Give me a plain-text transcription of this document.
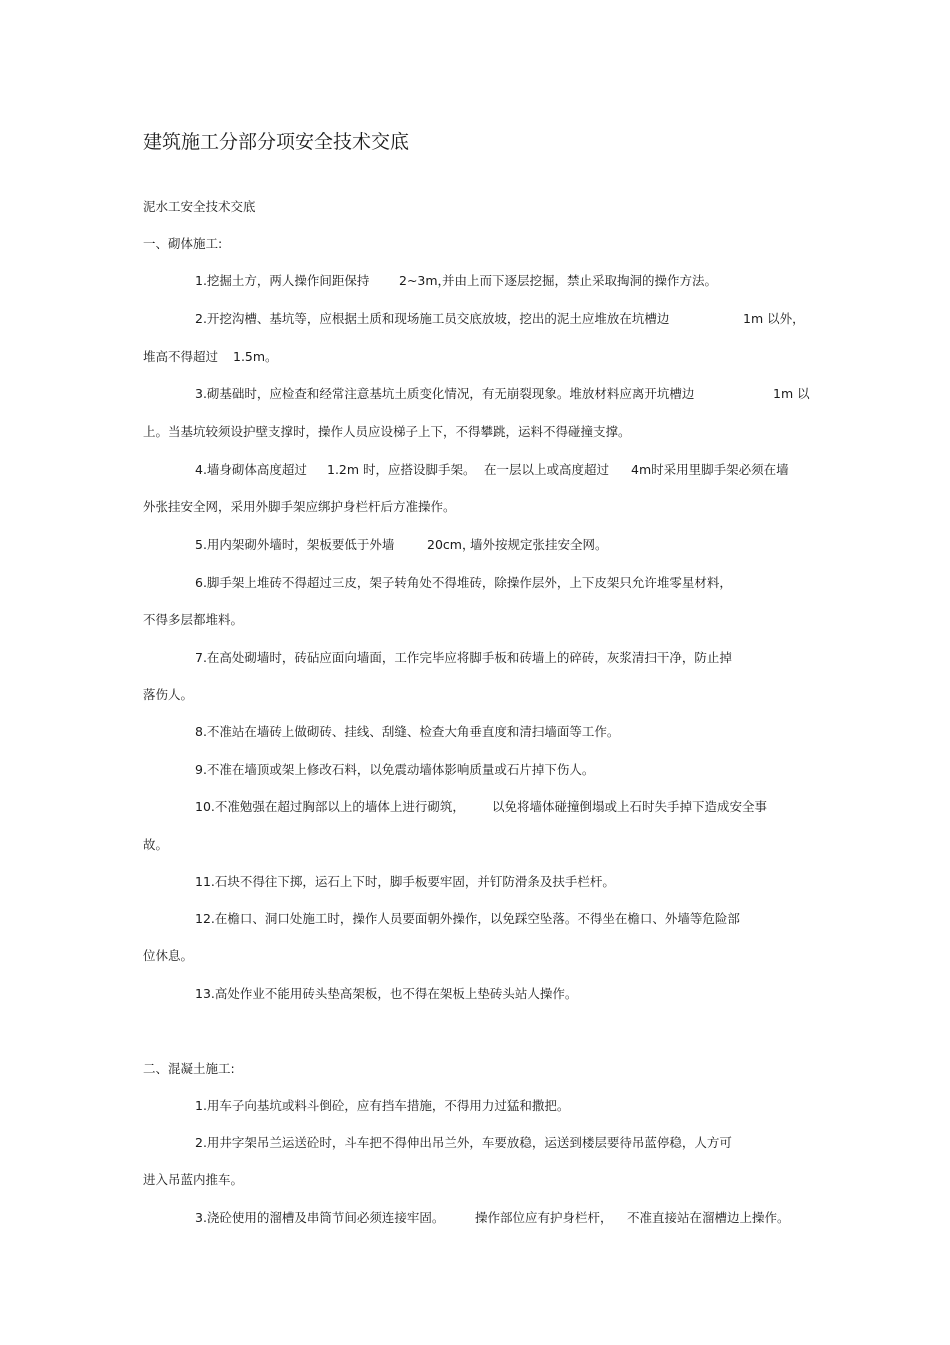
建筑施工分部分项安全技术交底
泥水工安全技术交底
一、砌体施工:
1.挖掘土方，两人操作间距保持 2~3m，
并由上而下逐层挖掘，禁止采取掏洞的操作方法。
2.开挖沟槽、基坑等，应根据土质和现场施工员交底放坡，挖出的泥土应堆放在坑槽边	1m 以外，
堆高不得超过 1.5m。
3.砌基础时，应检查和经常注意基坑土质变化情况，有无崩裂现象。堆放材料应离开坑槽边	1m 以
上。当基坑较须设护壁支撑时，操作人员应设梯子上下，不得攀跳，运料不得碰撞支撑。
4.墙身砌体高度超过 1.2m 时，应搭设脚手架。 在一层以上或高度超过 4m时采用里脚手架必须在墙
外张挂安全网，采用外脚手架应绑护身栏杆后方准操作。
5.用内架砌外墙时，架板要低于外墙	20cm，
墙外按规定张挂安全网。
6.脚手架上堆砖不得超过三皮，架子转角处不得堆砖，除操作层外，上下皮架只允许堆零星材料，
不得多层都堆料。
7.在高处砌墙时，砖砧应面向墙面，工作完毕应将脚手板和砖墙上的碎砖，灰浆清扫干净，防止掉
落伤人。
8.不准站在墙砖上做砌砖、挂线、刮缝、检查大角垂直度和清扫墙面等工作。
9.不准在墙顶或架上修改石料，以免震动墙体影响质量或石片掉下伤人。
10.不准勉强在超过胸部以上的墙体上进行砌筑， 以免将墙体碰撞倒塌或上石时失手掉下造成安全事
故。
11.石块不得往下掷，运石上下时，脚手板要牢固，并钉防滑条及扶手栏杆。
12.在檐口、洞口处施工时，操作人员要面朝外操作，以免踩空坠落。不得坐在檐口、外墙等危险部
位休息。
13.高处作业不能用砖头垫高架板，也不得在架板上垫砖头站人操作。
二、混凝土施工:
1.用车子向基坑或料斗倒砼，应有挡车措施，不得用力过猛和撒把。
2.用井字架吊兰运送砼时，斗车把不得伸出吊兰外，车要放稳，运送到楼层要待吊蓝停稳，人方可
进入吊蓝内推车。
3.浇砼使用的溜槽及串筒节间必须连接牢固。 操作部位应有护身栏杆， 不准直接站在溜槽边上操作。
